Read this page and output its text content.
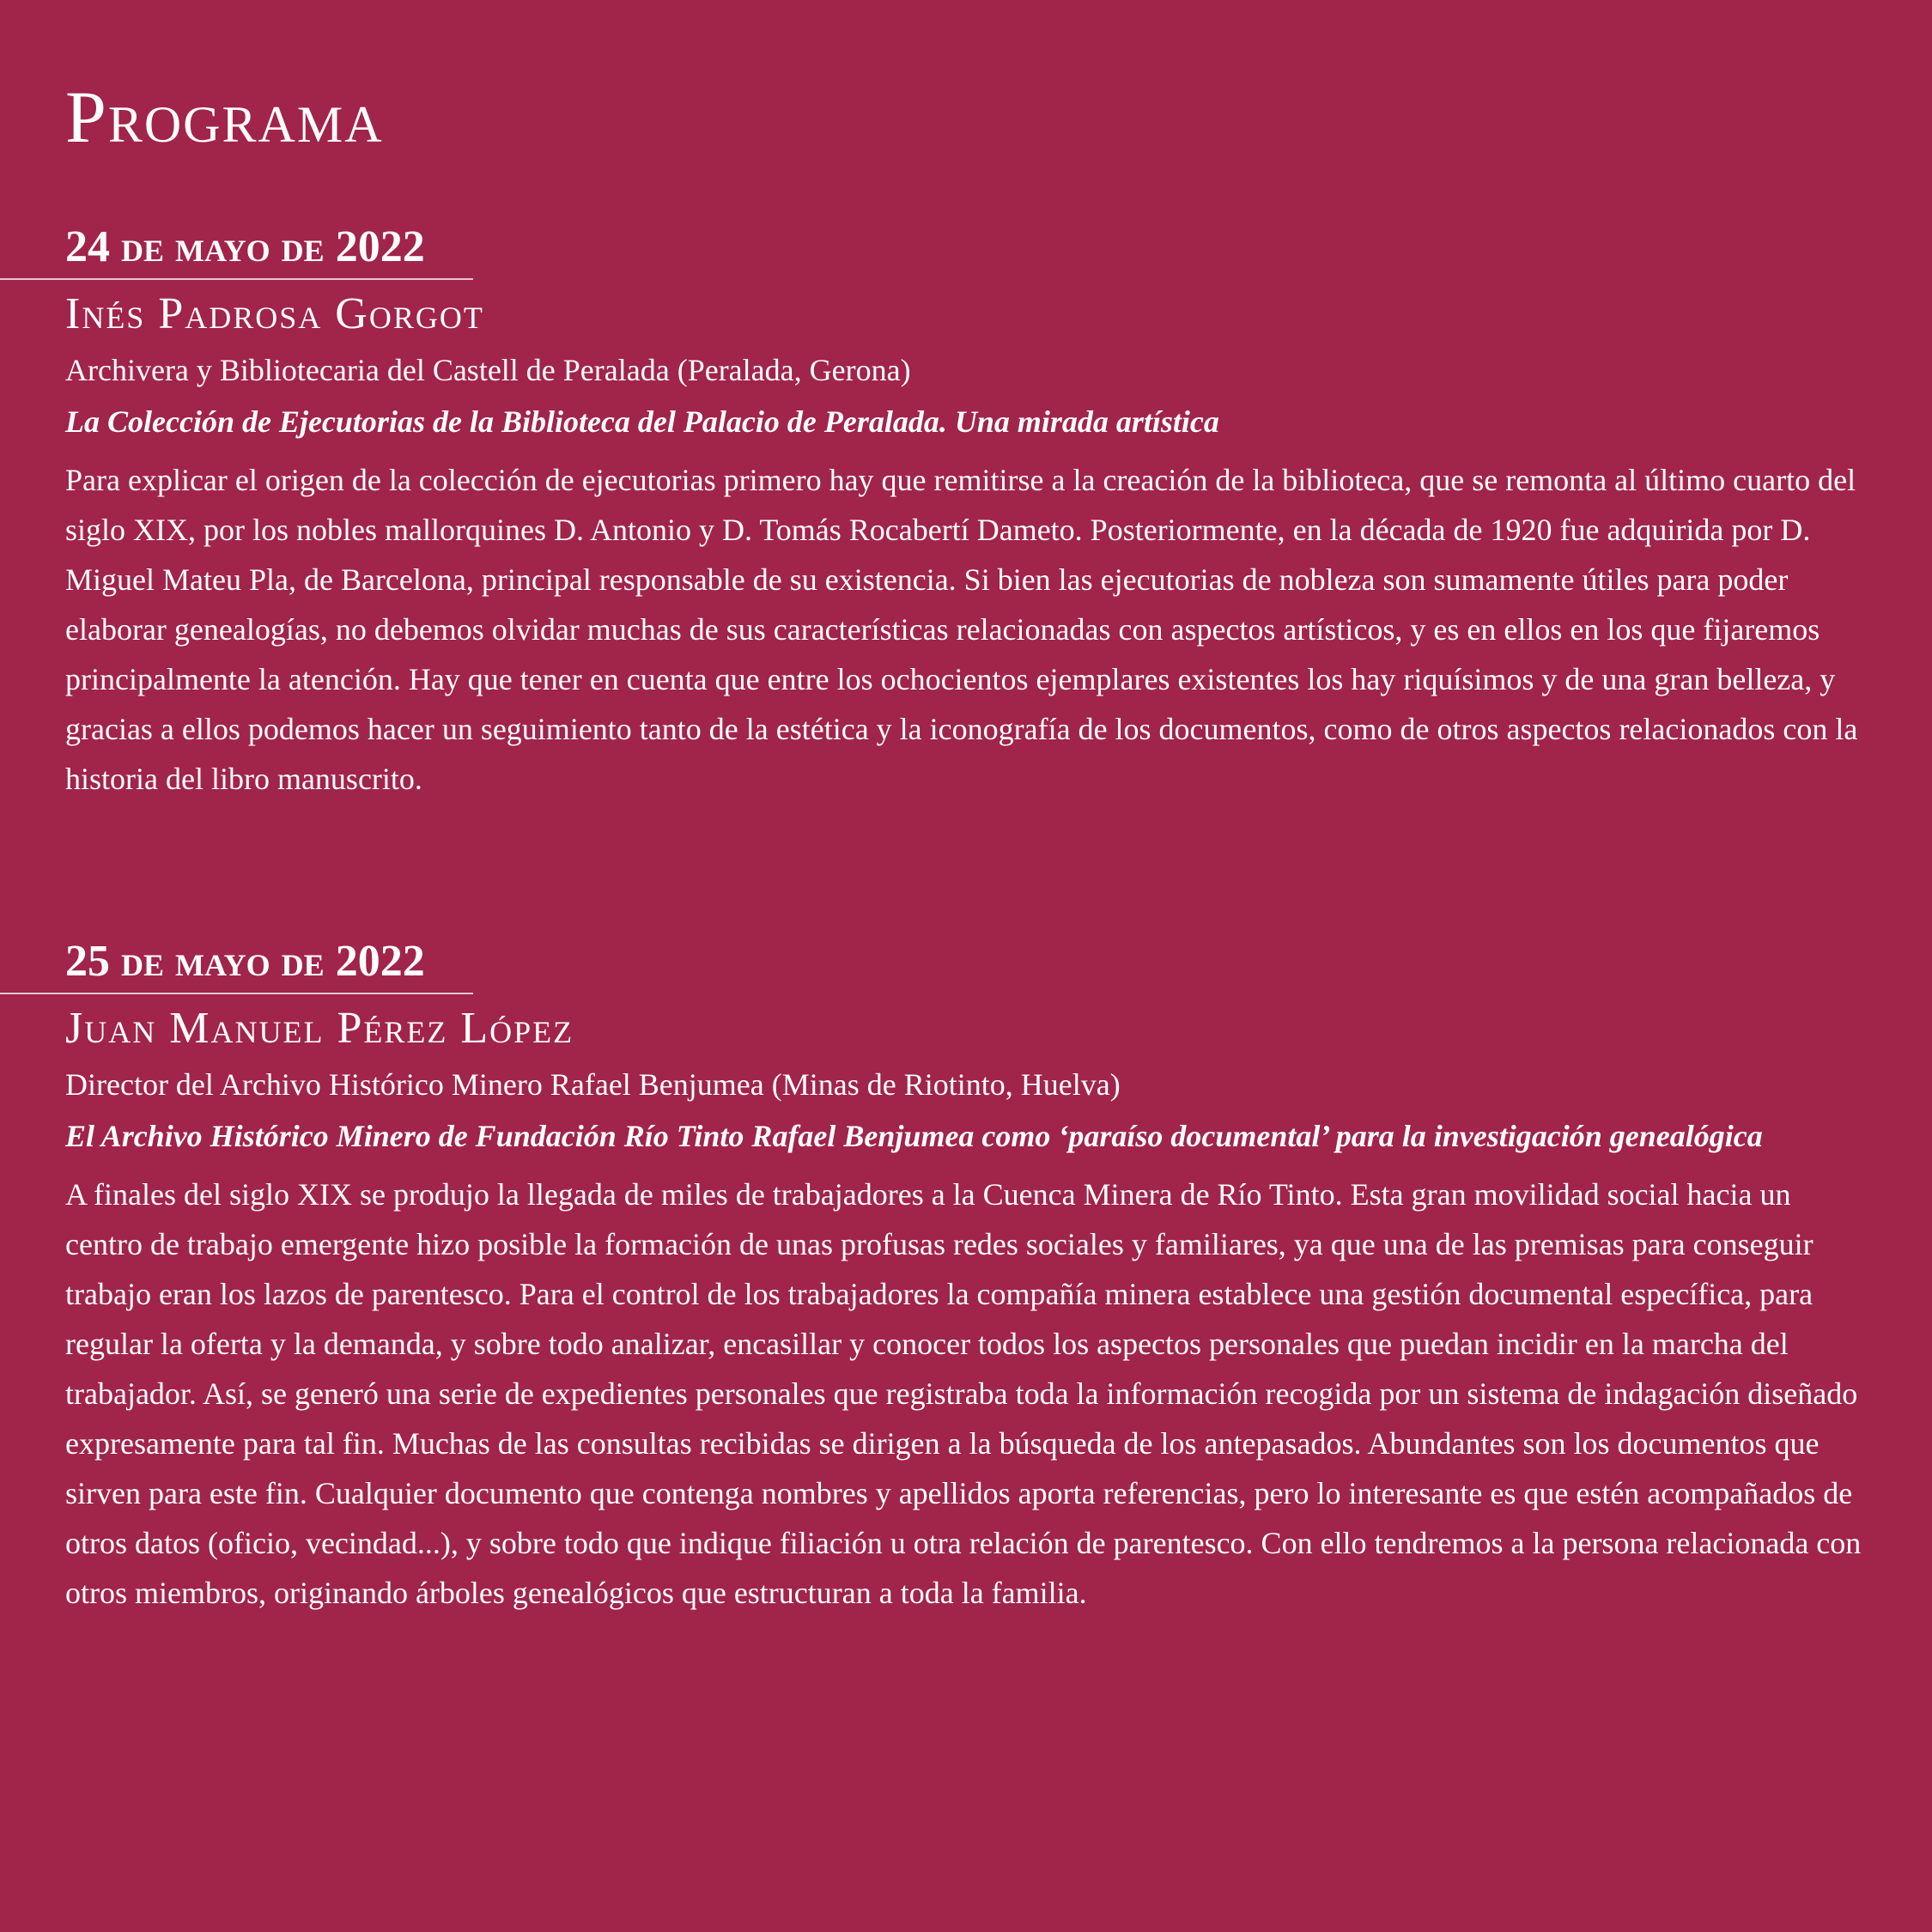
Programa
24 de mayo de 2022
Inés Padrosa Gorgot
Archivera y Bibliotecaria del Castell de Peralada (Peralada, Gerona)
La Colección de Ejecutorias de la Biblioteca del Palacio de Peralada. Una mirada artística

Para explicar el origen de la colección de ejecutorias primero hay que remitirse a la creación de la biblioteca, que se remonta al último cuarto del siglo XIX, por los nobles mallorquines D. Antonio y D. Tomás Rocabertí Dameto. Posteriormente, en la década de 1920 fue adquirida por D. Miguel Mateu Pla, de Barcelona, principal responsable de su existencia. Si bien las ejecutorias de nobleza son sumamente útiles para poder elaborar genealogías, no debemos olvidar muchas de sus características relacionadas con aspectos artísticos, y es en ellos en los que fijaremos principalmente la atención. Hay que tener en cuenta que entre los ochocientos ejemplares existentes los hay riquísimos y de una gran belleza, y gracias a ellos podemos hacer un seguimiento tanto de la estética y la iconografía de los documentos, como de otros aspectos relacionados con la historia del libro manuscrito.

25 de mayo de 2022
Juan Manuel Pérez López
Director del Archivo Histórico Minero Rafael Benjumea (Minas de Riotinto, Huelva)
El Archivo Histórico Minero de Fundación Río Tinto Rafael Benjumea como ‘paraíso documental’ para la investigación genealógica

A finales del siglo XIX se produjo la llegada de miles de trabajadores a la Cuenca Minera de Río Tinto. Esta gran movilidad social hacia un centro de trabajo emergente hizo posible la formación de unas profusas redes sociales y familiares, ya que una de las premisas para conseguir trabajo eran los lazos de parentesco. Para el control de los trabajadores la compañía minera establece una gestión documental específica, para regular la oferta y la demanda, y sobre todo analizar, encasillar y conocer todos los aspectos personales que puedan incidir en la marcha del trabajador. Así, se generó una serie de expedientes personales que registraba toda la información recogida por un sistema de indagación diseñado expresamente para tal fin. Muchas de las consultas recibidas se dirigen a la búsqueda de los antepasados. Abundantes son los documentos que sirven para este fin. Cualquier documento que contenga nombres y apellidos aporta referencias, pero lo interesante es que estén acompañados de otros datos (oficio, vecindad...), y sobre todo que indique filiación u otra relación de parentesco. Con ello tendremos a la persona relacionada con otros miembros, originando árboles genealógicos que estructuran a toda la familia.
